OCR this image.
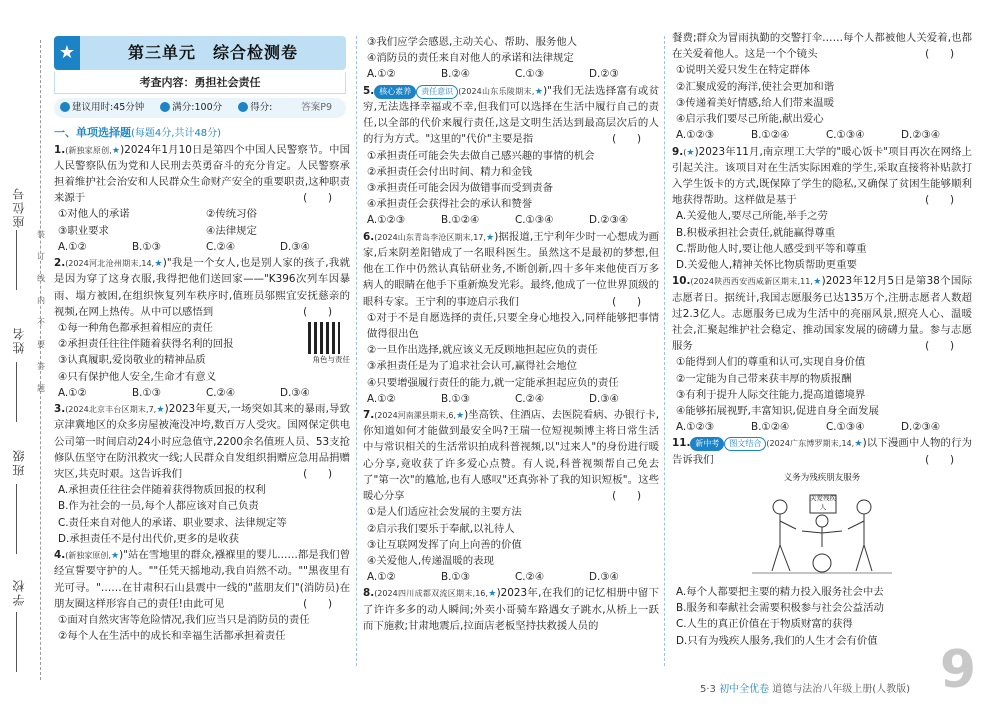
座位号
姓名
班级
学校
装订线内不要答题
★	第三单元　综合检测卷
考查内容：勇担社会责任
建议用时:45分钟	满分:100分	得分:	答案P9
一、单项选择题(每题4分,共计48分)
1.(新独家原创,★)2024年1月10日是第四个中国人民警察节。中国人民警察队伍为党和人民刑去英勇奋斗的充分肯定。人民警察承担着维护社会治安和人民群众生命财产安全的重要职责,这种职责来源于	(　　)
①对他人的承诺	②传统习俗
③职业要求	④法律规定
A.①②	B.①③	C.②④	D.③④
2.(2024河北沧州期末,14,★)"我是一个女人,也是别人家的孩子,我就是因为穿了这身衣服,我得把他们送回家——"K396次列车因暴雨、塌方被困,在组织恢复列车秩序时,值班员邬熙宜安抚慈亲的视频,在网上热传。从中可以感悟到	(　　)
角色与责任
①每一种角色都承担着相应的责任
②承担责任往往伴随着获得名利的回报
③认真履职,爱岗敬业的精神品质
④只有保护他人安全,生命才有意义
A.①②	B.①③	C.②④	D.③④
3.(2024北京丰台区期末,7,★)2023年夏天,一场突如其来的暴雨,导致京津冀地区的众多房屋被淹没冲垮,数百万人受灾。国网保定供电公司第一时间启动24小时应急值守,2200余名值班人员、53支抢修队伍坚守在防汛救灾一线;人民群众自发组织捐赠应急用品捐赠灾区,共克时艰。这告诉我们	(　　)
A.承担责任往往会伴随着获得物质回报的权利
B.作为社会的一员,每个人都应该对自己负责
C.责任来自对他人的承诺、职业要求、法律规定等
D.承担责任不是付出代价,更多的是收获
4.(新独家原创,★)"站在雪地里的群众,襁褓里的婴儿……都是我们曾经宣誓要守护的人。""任凭天摇地动,我自岿然不动。""黑夜里有光可寻。"……在甘肃积石山县震中一线的"蓝朋友们"(消防员)在朋友圈这样形容自己的责任!由此可见	(　　)
①面对自然灾害等危险情况,我们应当只是消防员的责任
②每个人在生活中的成长和幸福生活都承担着责任
③我们应学会感恩,主动关心、帮助、服务他人
④消防员的责任来自对他人的承诺和法律规定
A.①②	B.②④	C.①③	D.②③
5. 核心素养 责任意识 (2024山东乐陵期末,★)"我们无法选择富有或贫穷,无法选择幸福或不幸,但我们可以选择在生活中履行自己的责任,以全部的代价来履行责任,这是文明生活达到最高层次后的人的行为方式。"这里的"代价"主要是指	(　　)
①承担责任可能会失去做自己感兴趣的事情的机会
②承担责任会付出时间、精力和金钱
③承担责任可能会因为做错事而受到责备
④承担责任会获得社会的承认和赞誉
A.①②③	B.①②④	C.①③④	D.②③④
6.(2024山东青岛李沧区期末,17,★)据报道,王宁利年少时一心想成为画家,后来阴差阳错成了一名眼科医生。虽然这不是最初的梦想,但他在工作中仍然认真钻研业务,不断创新,四十多年来他使百万多病人的眼睛在他手下重新焕发光彩。最终,他成了一位世界顶级的眼科专家。王宁利的事迹启示我们	(　　)
①对于不是自愿选择的责任,只要全身心地投入,同样能够把事情做得很出色
②一旦作出选择,就应该义无反顾地担起应负的责任
③承担责任是为了追求社会认可,赢得社会地位
④只要增强履行责任的能力,就一定能承担起应负的责任
A.①②	B.①③	C.②④	D.③④
7.(2024河南漯县期末,6,★)坐高铁、住酒店、去医院看病、办银行卡,你知道如何才能做到最安全吗?王瑞一位短视频博主将日常生活中与常识相关的生活常识拍成科普视频,以"过来人"的身份进行暖心分享,竟收获了许多爱心点赞。有人说,科普视频帮自己免去了"第一次"的尴尬,也有人感叹"还真弥补了我的知识短板"。这些暖心分享	(　　)
①是人们适应社会发展的主要方法
②启示我们要乐于奉献,以礼待人
③让互联网发挥了向上向善的价值
④关爱他人,传递温暖的表现
A.①②	B.①③	C.②④	D.③④
8.(2024四川成都双流区期末,16,★)2023年,在我们的记忆相册中留下了许许多多的动人瞬间;外卖小哥骑车路遇女子跳水,从桥上一跃而下施救;甘肃地震后,拉面店老板坚持扶救援人员的
餐费;群众为冒雨执勤的交警打伞……每个人都被他人关爱着,也都在关爱着他人。这是一个个镜头	(　　)
①说明关爱只发生在特定群体
②汇聚成爱的海洋,使社会更加和谐
③传递着美好情感,给人们带来温暖
④启示我们要尽己所能,献出爱心
A.①②③	B.①②④	C.①③④	D.②③④
9.(★)2023年11月,南京理工大学的"暖心饭卡"项目再次在网络上引起关注。该项目对在生活实际困难的学生,采取直接将补贴款打入学生饭卡的方式,既保障了学生的隐私,又确保了贫困生能够顺利地获得帮助。这样做是基于	(　　)
A.关爱他人,要尽己所能,举手之劳
B.积极承担社会责任,就能赢得尊重
C.帮助他人时,要让他人感受到平等和尊重
D.关爱他人,精神关怀比物质帮助更重要
10.(2024陕西西安西咸新区期末,11,★)2023年12月5日是第38个国际志愿者日。据统计,我国志愿服务已达135万个,注册志愿者人数超过2.3亿人。志愿服务已成为生活中的亮丽风景,照亮人心、温暖社会,汇聚起维护社会稳定、推动国家发展的磅礴力量。参与志愿服务	(　　)
①能得到人们的尊重和认可,实现自身价值
②一定能为自己带来获丰厚的物质报酬
③有利于提升人际交往能力,提高道德境界
④能够拓展视野,丰富知识,促进自身全面发展
A.①②③	B.①②④	C.①③④	D.②③④
11. 新中考 图文结合 (2024广东博罗期末,14,★)以下漫画中人物的行为告诉我们	(　　)
义务为残疾朋友服务
关爱残疾人
A.每个人都要把主要的精力投入服务社会中去
B.服务和奉献社会需要积极参与社会公益活动
C.人生的真正价值在于物质财富的获得
D.只有为残疾人服务,我们的人生才会有价值	9
5·3 初中全优卷 道德与法治八年级上册(人教版)
